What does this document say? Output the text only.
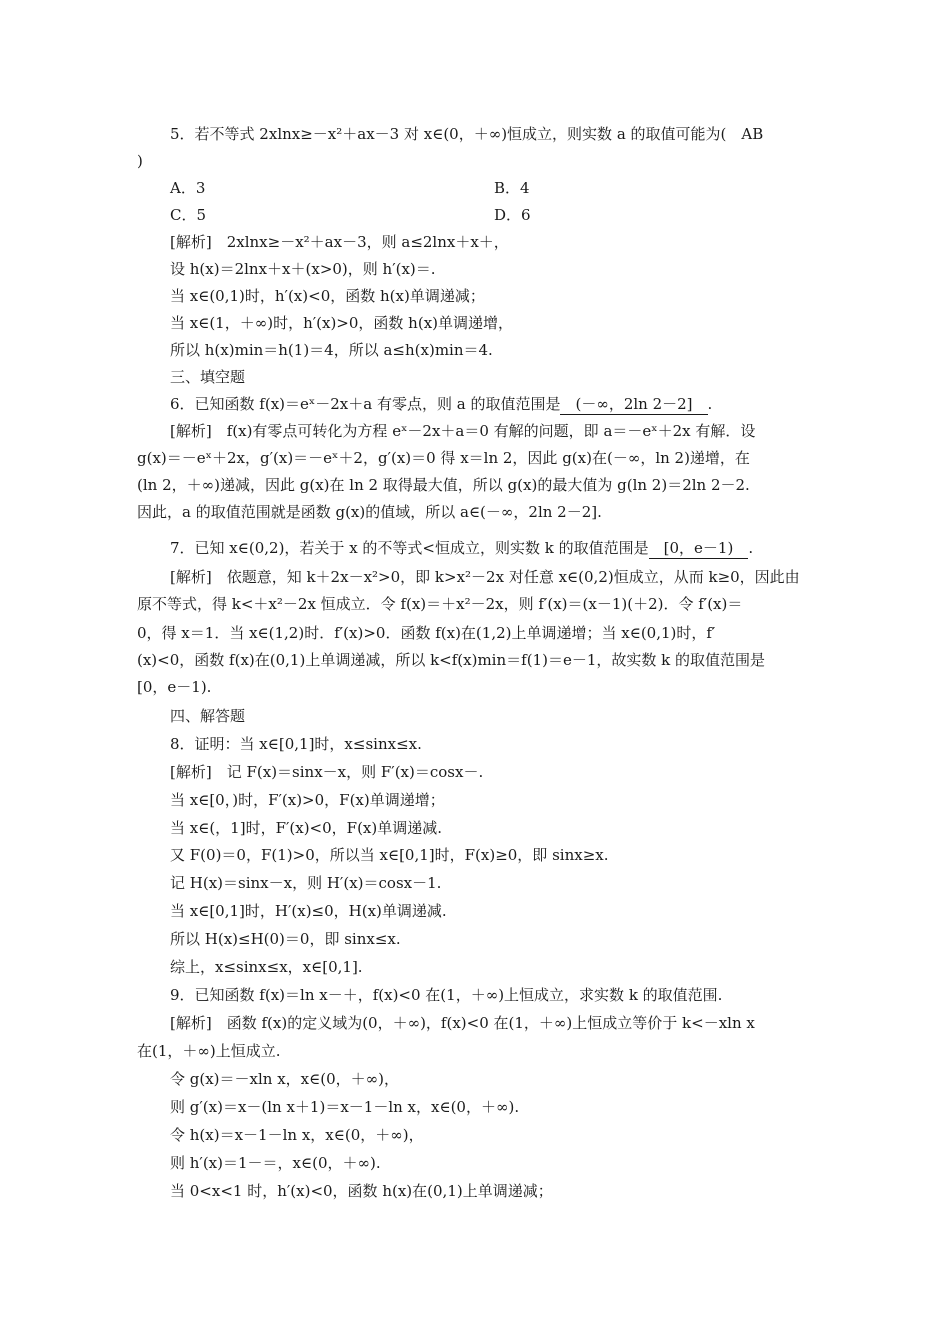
5．若不等式 2xlnx≥－x²＋ax－3 对 x∈(0，＋∞)恒成立，则实数 a 的取值可能为(　AB
)
A．3	B．4
C．5	D．6
[解析]　2xlnx≥－x²＋ax－3，则 a≤2lnx＋x＋，
设 h(x)＝2lnx＋x＋(x>0)，则 h′(x)＝.
当 x∈(0,1)时，h′(x)<0，函数 h(x)单调递减；
当 x∈(1，＋∞)时，h′(x)>0，函数 h(x)单调递增，
所以 h(x)min＝h(1)＝4，所以 a≤h(x)min＝4.
三、填空题
6．已知函数 f(x)＝eˣ－2x＋a 有零点，则 a 的取值范围是　(－∞，2ln 2－2]　.
[解析]　f(x)有零点可转化为方程 eˣ－2x＋a＝0 有解的问题，即 a＝－eˣ＋2x 有解．设
g(x)＝－eˣ＋2x，g′(x)＝－eˣ＋2，g′(x)＝0 得 x＝ln 2，因此 g(x)在(－∞，ln 2)递增，在
(ln 2，＋∞)递减，因此 g(x)在 ln 2 取得最大值，所以 g(x)的最大值为 g(ln 2)＝2ln 2－2.
因此，a 的取值范围就是函数 g(x)的值域，所以 a∈(－∞，2ln 2－2].
7．已知 x∈(0,2)，若关于 x 的不等式<恒成立，则实数 k 的取值范围是　[0，e－1)　.
[解析]　依题意，知 k＋2x－x²>0，即 k>x²－2x 对任意 x∈(0,2)恒成立，从而 k≥0，因此由
原不等式，得 k<＋x²－2x 恒成立．令 f(x)＝＋x²－2x，则 f′(x)＝(x－1)(＋2)．令 f′(x)＝
0，得 x＝1．当 x∈(1,2)时．f′(x)>0．函数 f(x)在(1,2)上单调递增；当 x∈(0,1)时，f′
(x)<0，函数 f(x)在(0,1)上单调递减，所以 k<f(x)min＝f(1)＝e－1，故实数 k 的取值范围是
[0，e－1).
四、解答题
8．证明：当 x∈[0,1]时，x≤sinx≤x.
[解析]　记 F(x)＝sinx－x，则 F′(x)＝cosx－.
当 x∈[0，)时，F′(x)>0，F(x)单调递增；
当 x∈(，1]时，F′(x)<0，F(x)单调递减.
又 F(0)＝0，F(1)>0，所以当 x∈[0,1]时，F(x)≥0，即 sinx≥x.
记 H(x)＝sinx－x，则 H′(x)＝cosx－1.
当 x∈[0,1]时，H′(x)≤0，H(x)单调递减.
所以 H(x)≤H(0)＝0，即 sinx≤x.
综上，x≤sinx≤x，x∈[0,1].
9．已知函数 f(x)＝ln x－＋，f(x)<0 在(1，＋∞)上恒成立，求实数 k 的取值范围.
[解析]　函数 f(x)的定义域为(0，＋∞)，f(x)<0 在(1，＋∞)上恒成立等价于 k<－xln x
在(1，＋∞)上恒成立.
令 g(x)＝－xln x，x∈(0，＋∞)，
则 g′(x)＝x－(ln x＋1)＝x－1－ln x，x∈(0，＋∞).
令 h(x)＝x－1－ln x，x∈(0，＋∞)，
则 h′(x)＝1－＝，x∈(0，＋∞).
当 0<x<1 时，h′(x)<0，函数 h(x)在(0,1)上单调递减；
